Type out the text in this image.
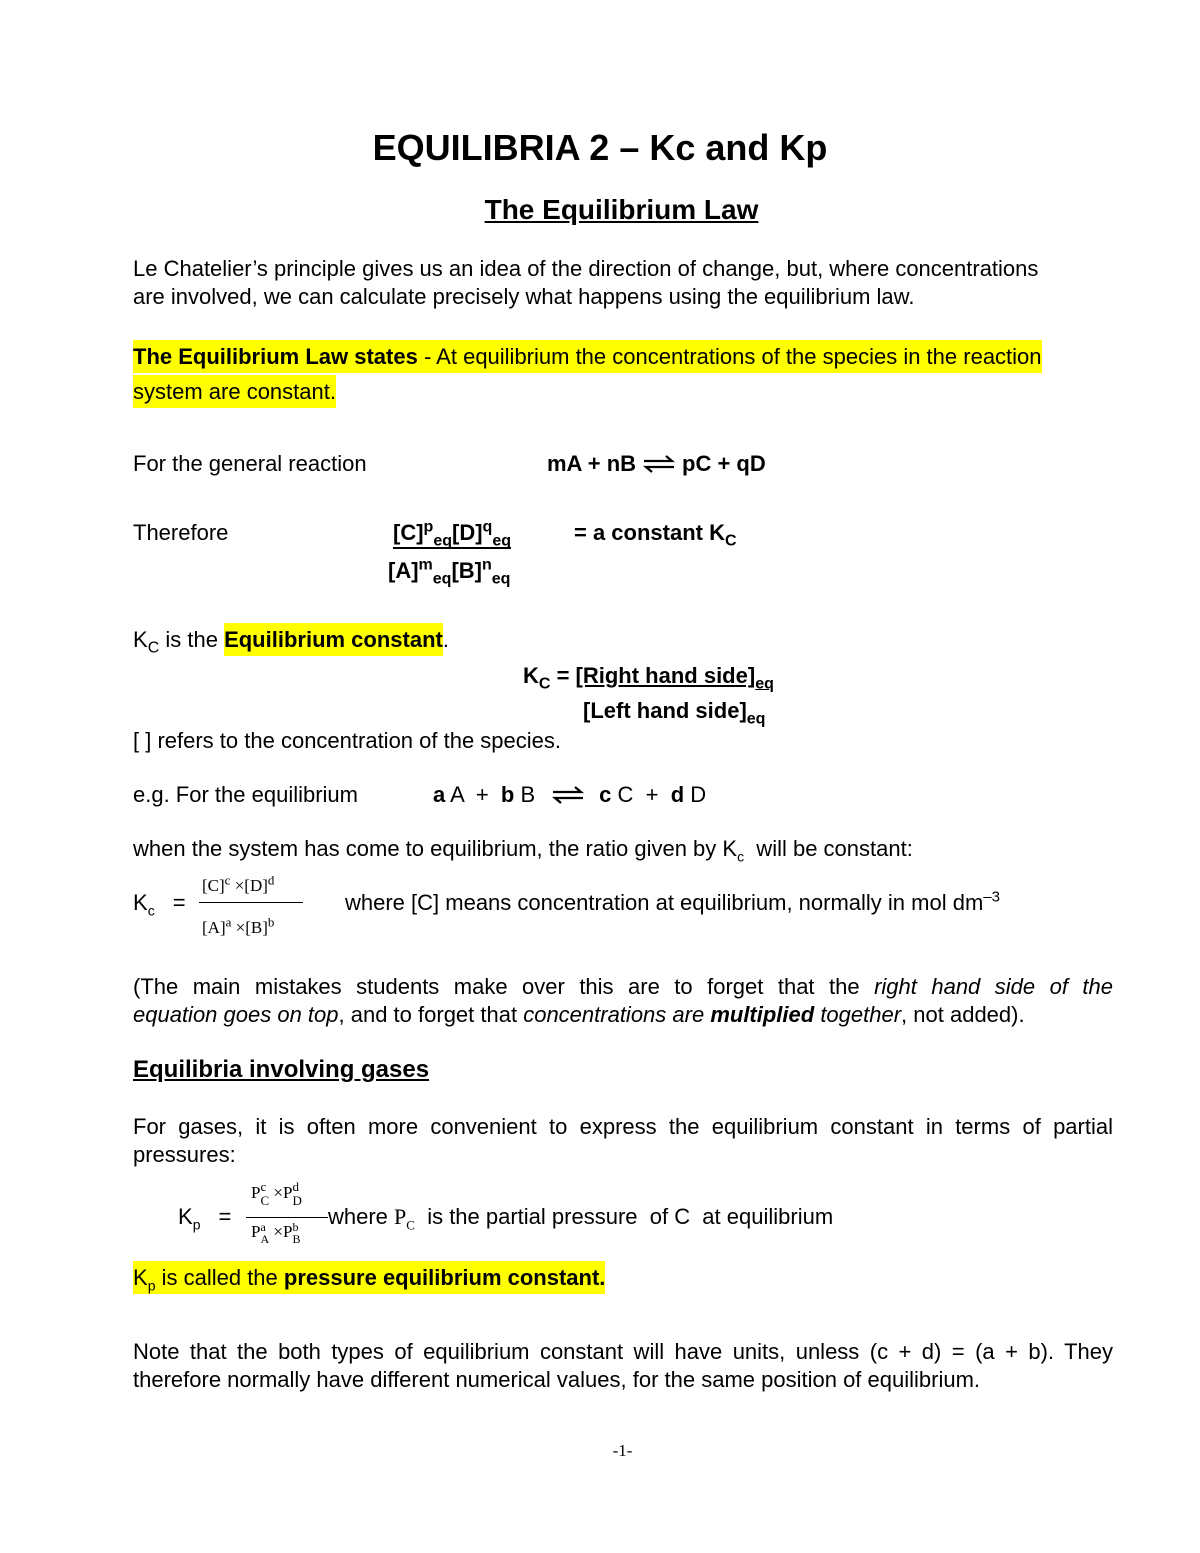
EQUILIBRIA 2 – Kc and Kp
The Equilibrium Law
Le Chatelier’s principle gives us an idea of the direction of change, but, where concentrations
are involved, we can calculate precisely what happens using the equilibrium law.
The Equilibrium Law states - At equilibrium the concentrations of the species in the reaction
system are constant.
For the general reaction	mA + nB ⇌ pC + qD
Therefore	$[C]^p_{eq}[D]^q_{eq}$	= a constant $K_C$
$[A]^m_{eq}[B]^n_{eq}$
$K_C$ is the Equilibrium constant.
$K_C$ = [Right hand $side]_{eq}$
[Left hand $side]_{eq}$
[ ] refers to the concentration of the species.
e.g. For the equilibrium	a A  +  b B ⇌ c C  +  d D
when the system has come to equilibrium, the ratio given by $K_c$  will be constant:
$K_c$ =
$[C]^c \times[D]^d$
$[A]^a \times[B]^b$
where [C] means concentration at equilibrium, normally in mol $dm^{-3}$
(The main mistakes students make over this are to forget that the right hand side of the
equation goes on top, and to forget that concentrations are multiplied together, not added).
Equilibria involving gases
For gases, it is often more convenient to express the equilibrium constant in terms of partial
pressures:
$K_p$ =
P c
C ×P d
D
P a
A ×P b
B
where $P_C$  is the partial pressure  of C  at equilibrium
$K_p$ is called the pressure equilibrium constant.
Note that the both types of equilibrium constant will have units, unless (c + d) = (a + b). They
therefore normally have different numerical values, for the same position of equilibrium.
-1-
